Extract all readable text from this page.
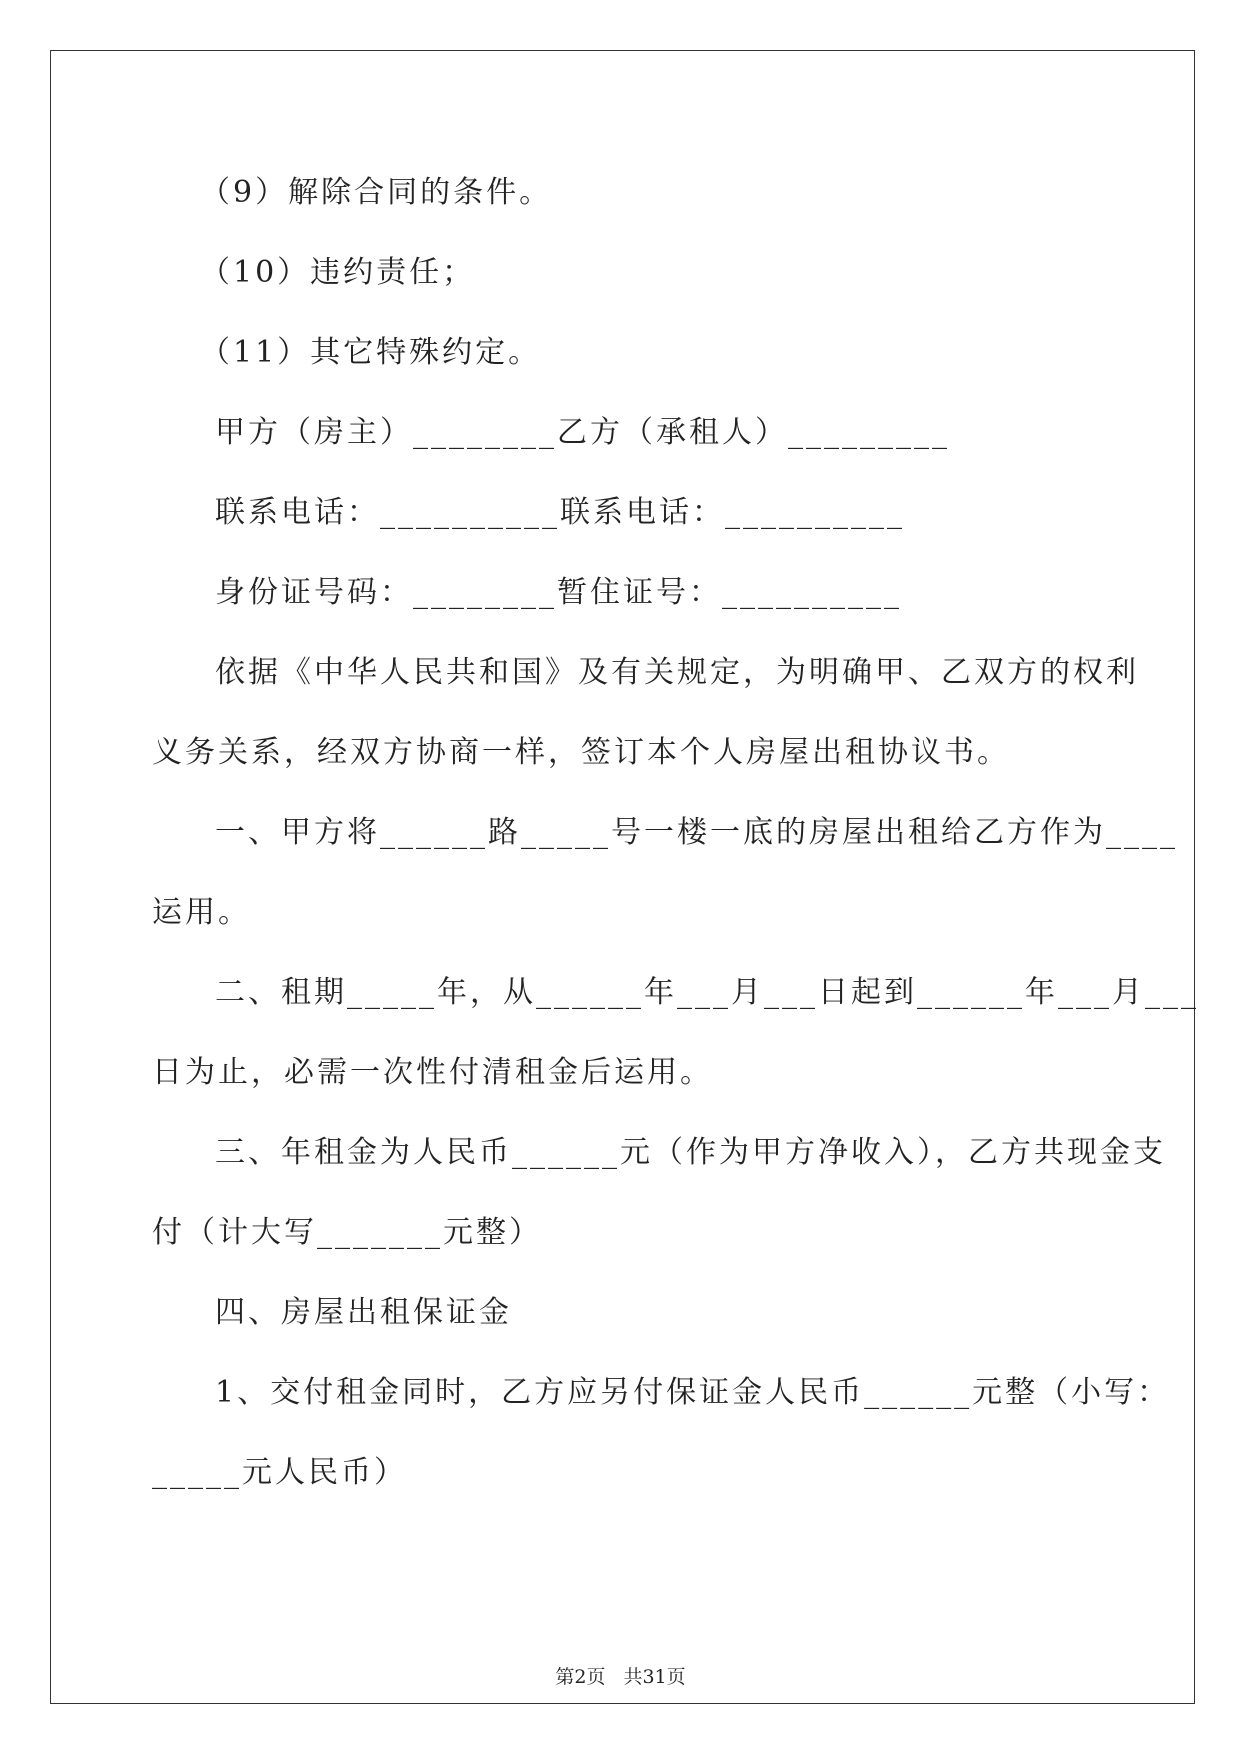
（9）解除合同的条件。
（10）违约责任；
（11）其它特殊约定。
甲方（房主）________乙方（承租人）_________
联系电话：__________联系电话：__________
身份证号码：________暂住证号：__________
依据《中华人民共和国》及有关规定，为明确甲、乙双方的权利
义务关系，经双方协商一样，签订本个人房屋出租协议书。
一、甲方将______路_____号一楼一底的房屋出租给乙方作为____
运用。
二、租期_____年，从______年___月___日起到______年___月___
日为止，必需一次性付清租金后运用。
三、年租金为人民币______元（作为甲方净收入），乙方共现金支
付（计大写_______元整）
四、房屋出租保证金
1、交付租金同时，乙方应另付保证金人民币______元整（小写：
_____元人民币）
第2页 共31页
